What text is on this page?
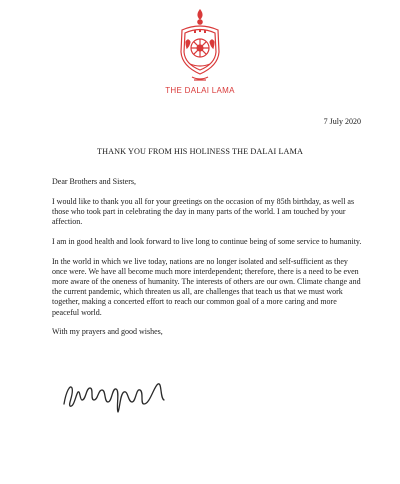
THE DALAI LAMA
7 July 2020
THANK YOU FROM HIS HOLINESS THE DALAI LAMA

Dear Brothers and Sisters,

I would like to thank you all for your greetings on the occasion of my 85th birthday, as well as those who took part in celebrating the day in many parts of the world. I am touched by your affection.

I am in good health and look forward to live long to continue being of some service to humanity.

In the world in which we live today, nations are no longer isolated and self-sufficient as they once were. We have all become much more interdependent; therefore, there is a need to be even more aware of the oneness of humanity. The interests of others are our own. Climate change and the current pandemic, which threaten us all, are challenges that teach us that we must work together, making a concerted effort to reach our common goal of a more caring and more peaceful world.

With my prayers and good wishes,
